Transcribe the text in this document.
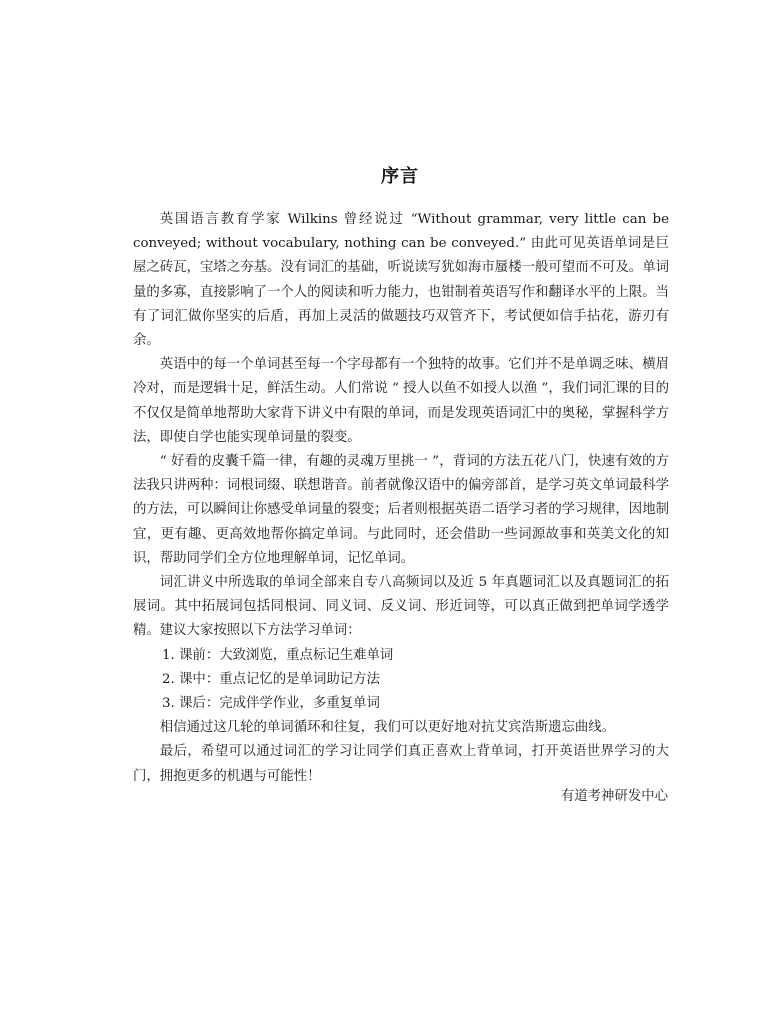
序言

英国语言教育学家 Wilkins 曾经说过 “Without grammar, very little can be conveyed; without vocabulary, nothing can be conveyed.” 由此可见英语单词是巨屋之砖瓦，宝塔之夯基。没有词汇的基础，听说读写犹如海市蜃楼一般可望而不可及。单词量的多寡，直接影响了一个人的阅读和听力能力，也钳制着英语写作和翻译水平的上限。当有了词汇做你坚实的后盾，再加上灵活的做题技巧双管齐下，考试便如信手拈花，游刃有余。

英语中的每一个单词甚至每一个字母都有一个独特的故事。它们并不是单调乏味、横眉冷对，而是逻辑十足，鲜活生动。人们常说 “ 授人以鱼不如授人以渔 ”，我们词汇课的目的不仅仅是简单地帮助大家背下讲义中有限的单词，而是发现英语词汇中的奥秘，掌握科学方法，即使自学也能实现单词量的裂变。

“ 好看的皮囊千篇一律，有趣的灵魂万里挑一 ”，背词的方法五花八门，快速有效的方法我只讲两种：词根词缀、联想谐音。前者就像汉语中的偏旁部首，是学习英文单词最科学的方法，可以瞬间让你感受单词量的裂变；后者则根据英语二语学习者的学习规律，因地制宜，更有趣、更高效地帮你搞定单词。与此同时，还会借助一些词源故事和英美文化的知识，帮助同学们全方位地理解单词，记忆单词。

词汇讲义中所选取的单词全部来自专八高频词以及近 5 年真题词汇以及真题词汇的拓展词。其中拓展词包括同根词、同义词、反义词、形近词等，可以真正做到把单词学透学精。建议大家按照以下方法学习单词：

1. 课前：大致浏览，重点标记生难单词

2. 课中：重点记忆的是单词助记方法

3. 课后：完成伴学作业，多重复单词

相信通过这几轮的单词循环和往复，我们可以更好地对抗艾宾浩斯遗忘曲线。

最后，希望可以通过词汇的学习让同学们真正喜欢上背单词，打开英语世界学习的大门，拥抱更多的机遇与可能性！

有道考神研发中心
